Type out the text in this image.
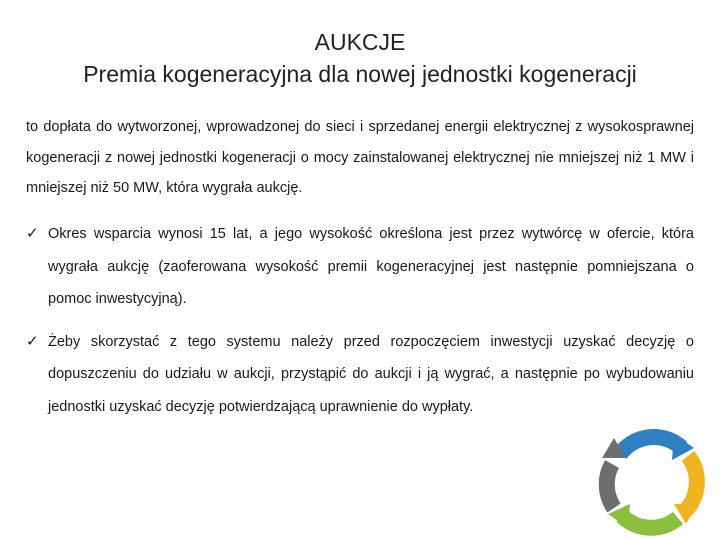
AUKCJE
Premia kogeneracyjna dla nowej jednostki kogeneracji
to dopłata do wytworzonej, wprowadzonej do sieci i sprzedanej energii elektrycznej z wysokosprawnej kogeneracji z nowej jednostki kogeneracji o mocy zainstalowanej elektrycznej nie mniejszej niż 1 MW i mniejszej niż 50 MW, która wygrała aukcję.
✓ Okres wsparcia wynosi 15 lat, a jego wysokość określona jest przez wytwórcę w ofercie, która wygrała aukcję (zaoferowana wysokość premii kogeneracyjnej jest następnie pomniejszana o pomoc inwestycyjną).
✓ Żeby skorzystać z tego systemu należy przed rozpoczęciem inwestycji uzyskać decyzję o dopuszczeniu do udziału w aukcji, przystąpić do aukcji i ją wygrać, a następnie po wybudowaniu jednostki uzyskać decyzję potwierdzającą uprawnienie do wypłaty.
